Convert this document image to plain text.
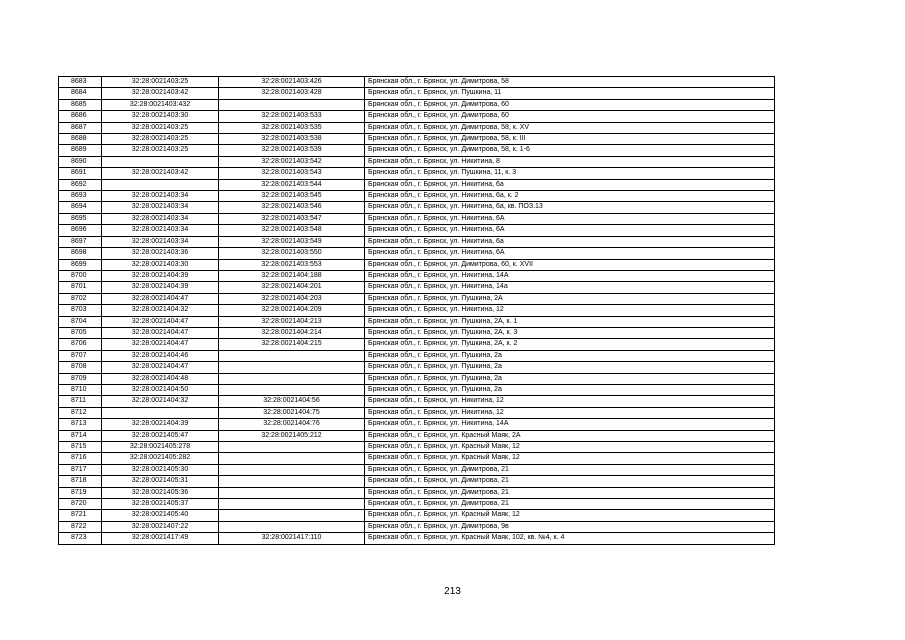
8683	32:28:0021403:25	32:28:0021403:426	Брянская обл., г. Брянск, ул. Димитрова, 58
8684	32:28:0021403:42	32:28:0021403:428	Брянская обл., г. Брянск, ул. Пушкина, 11
8685	32:28:0021403:432		Брянская обл., г. Брянск, ул. Димитрова, 60
8686	32:28:0021403:30	32:28:0021403:533	Брянская обл., г. Брянск, ул. Димитрова, 60
8687	32:28:0021403:25	32:28:0021403:535	Брянская обл., г. Брянск, ул. Димитрова, 58, к. XV
8688	32:28:0021403:25	32:28:0021403:538	Брянская обл., г. Брянск, ул. Димитрова, 58, к. III
8689	32:28:0021403:25	32:28:0021403:539	Брянская обл., г. Брянск, ул. Димитрова, 58, к. 1-6
8690		32:28:0021403:542	Брянская обл., г. Брянск, ул. Никитина, 8
8691	32:28:0021403:42	32:28:0021403:543	Брянская обл., г. Брянск, ул. Пушкина, 11, к. 3
8692		32:28:0021403:544	Брянская обл., г. Брянск, ул. Никитина, 6а
8693	32:28:0021403:34	32:28:0021403:545	Брянская обл., г. Брянск, ул. Никитина, 6а, к. 2
8694	32:28:0021403:34	32:28:0021403:546	Брянская обл., г. Брянск, ул. Никитина, 6а, кв. ПОЗ.13
8695	32:28:0021403:34	32:28:0021403:547	Брянская обл., г. Брянск, ул. Никитина, 6А
8696	32:28:0021403:34	32:28:0021403:548	Брянская обл., г. Брянск, ул. Никитина, 6А
8697	32:28:0021403:34	32:28:0021403:549	Брянская обл., г. Брянск, ул. Никитина, 6а
8698	32:28:0021403:36	32:28:0021403:550	Брянская обл., г. Брянск, ул. Никитина, 6А
8699	32:28:0021403:30	32:28:0021403:553	Брянская обл., г. Брянск, ул. Димитрова, 60, к. XVII
8700	32:28:0021404:39	32:28:0021404:188	Брянская обл., г. Брянск, ул. Никитина, 14А
8701	32:28:0021404:39	32:28:0021404:201	Брянская обл., г. Брянск, ул. Никитина, 14а
8702	32:28:0021404:47	32:28:0021404:203	Брянская обл., г. Брянск, ул. Пушкина, 2А
8703	32:28:0021404:32	32:28:0021404:209	Брянская обл., г. Брянск, ул. Никитина, 12
8704	32:28:0021404:47	32:28:0021404:213	Брянская обл., г. Брянск, ул. Пушкина, 2А, к. 1
8705	32:28:0021404:47	32:28:0021404:214	Брянская обл., г. Брянск, ул. Пушкина, 2А, к. 3
8706	32:28:0021404:47	32:28:0021404:215	Брянская обл., г. Брянск, ул. Пушкина, 2А, к. 2
8707	32:28:0021404:46		Брянская обл., г. Брянск, ул. Пушкина, 2а
8708	32:28:0021404:47		Брянская обл., г. Брянск, ул. Пушкина, 2а
8709	32:28:0021404:48		Брянская обл., г. Брянск, ул. Пушкина, 2а
8710	32:28:0021404:50		Брянская обл., г. Брянск, ул. Пушкина, 2а
8711	32:28:0021404:32	32:28:0021404:56	Брянская обл., г. Брянск, ул. Никитина, 12
8712		32:28:0021404:75	Брянская обл., г. Брянск, ул. Никитина, 12
8713	32:28:0021404:39	32:28:0021404:76	Брянская обл., г. Брянск, ул. Никитина, 14А
8714	32:28:0021405:47	32:28:0021405:212	Брянская обл., г. Брянск, ул. Красный Маяк, 2А
8715	32:28:0021405:278		Брянская обл., г. Брянск, ул. Красный Маяк, 12
8716	32:28:0021405:282		Брянская обл., г. Брянск, ул. Красный Маяк, 12
8717	32:28:0021405:30		Брянская обл., г. Брянск, ул. Димитрова, 21
8718	32:28:0021405:31		Брянская обл., г. Брянск, ул. Димитрова, 21
8719	32:28:0021405:36		Брянская обл., г. Брянск, ул. Димитрова, 21
8720	32:28:0021405:37		Брянская обл., г. Брянск, ул. Димитрова, 21
8721	32:28:0021405:40		Брянская обл., г. Брянск, ул. Красный Маяк, 12
8722	32:28:0021407:22		Брянская обл., г. Брянск, ул. Димитрова, 9в
8723	32:28:0021417:49	32:28:0021417:110	Брянская обл., г. Брянск, ул. Красный Маяк, 102, кв. №4, к. 4
213
